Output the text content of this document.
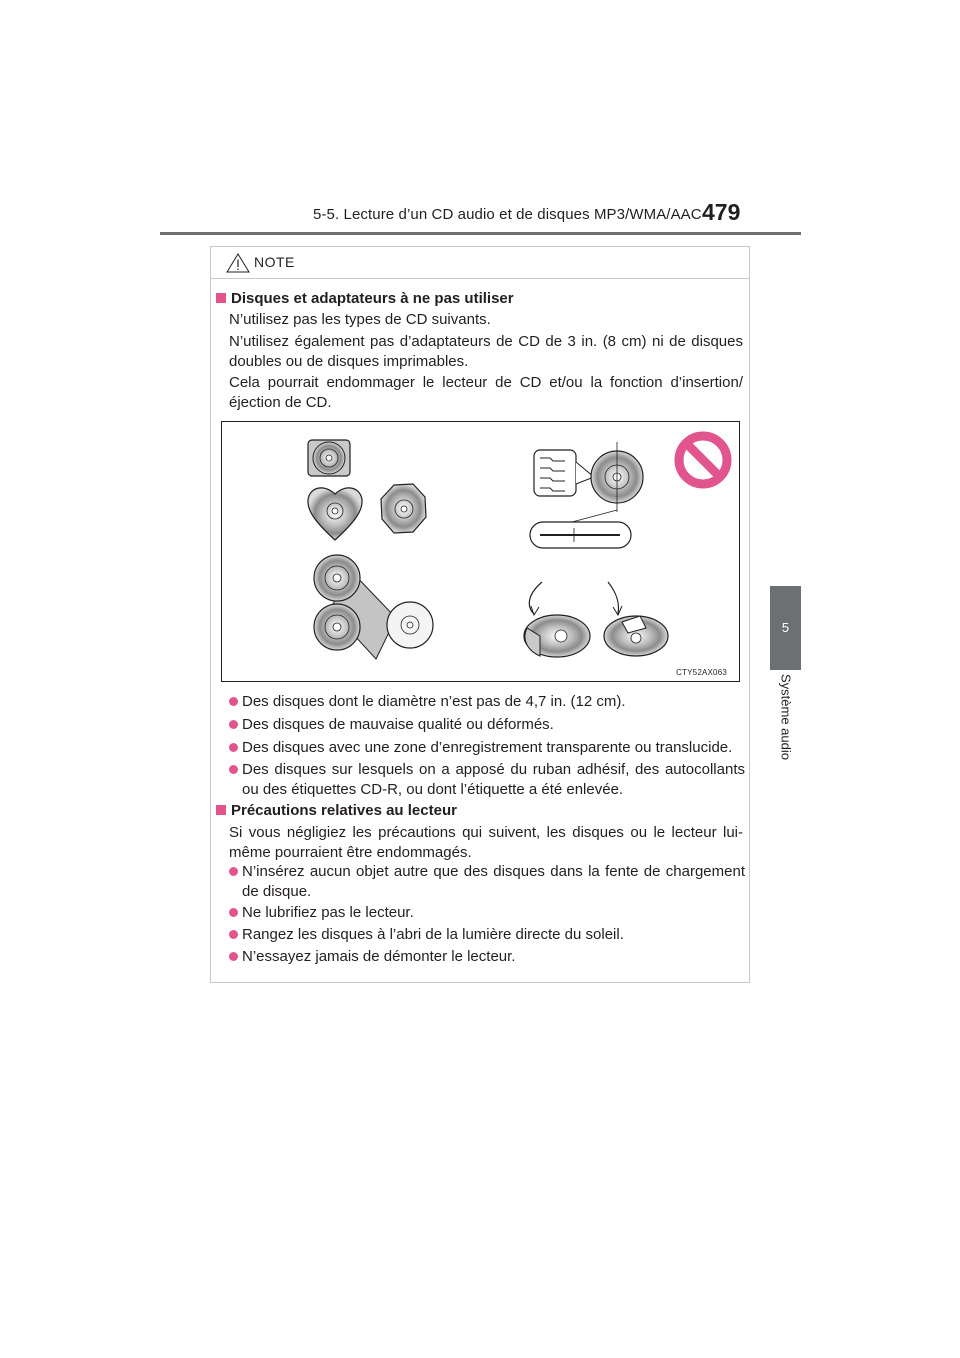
5-5. Lecture d’un CD audio et de disques MP3/WMA/AAC 479
5
Système audio
NOTE
Disques et adaptateurs à ne pas utiliser
N’utilisez pas les types de CD suivants.
N’utilisez également pas d’adaptateurs de CD de 3 in. (8 cm) ni de disques doubles ou de disques imprimables.
Cela pourrait endommager le lecteur de CD et/ou la fonction d’insertion/ éjection de CD.
CTY52AX063
Des disques dont le diamètre n’est pas de 4,7 in. (12 cm).
Des disques de mauvaise qualité ou déformés.
Des disques avec une zone d’enregistrement transparente ou translucide.
Des disques sur lesquels on a apposé du ruban adhésif, des autocollants ou des étiquettes CD-R, ou dont l’étiquette a été enlevée.
Précautions relatives au lecteur
Si vous négligiez les précautions qui suivent, les disques ou le lecteur lui-même pourraient être endommagés.
N’insérez aucun objet autre que des disques dans la fente de chargement de disque.
Ne lubrifiez pas le lecteur.
Rangez les disques à l’abri de la lumière directe du soleil.
N’essayez jamais de démonter le lecteur.
